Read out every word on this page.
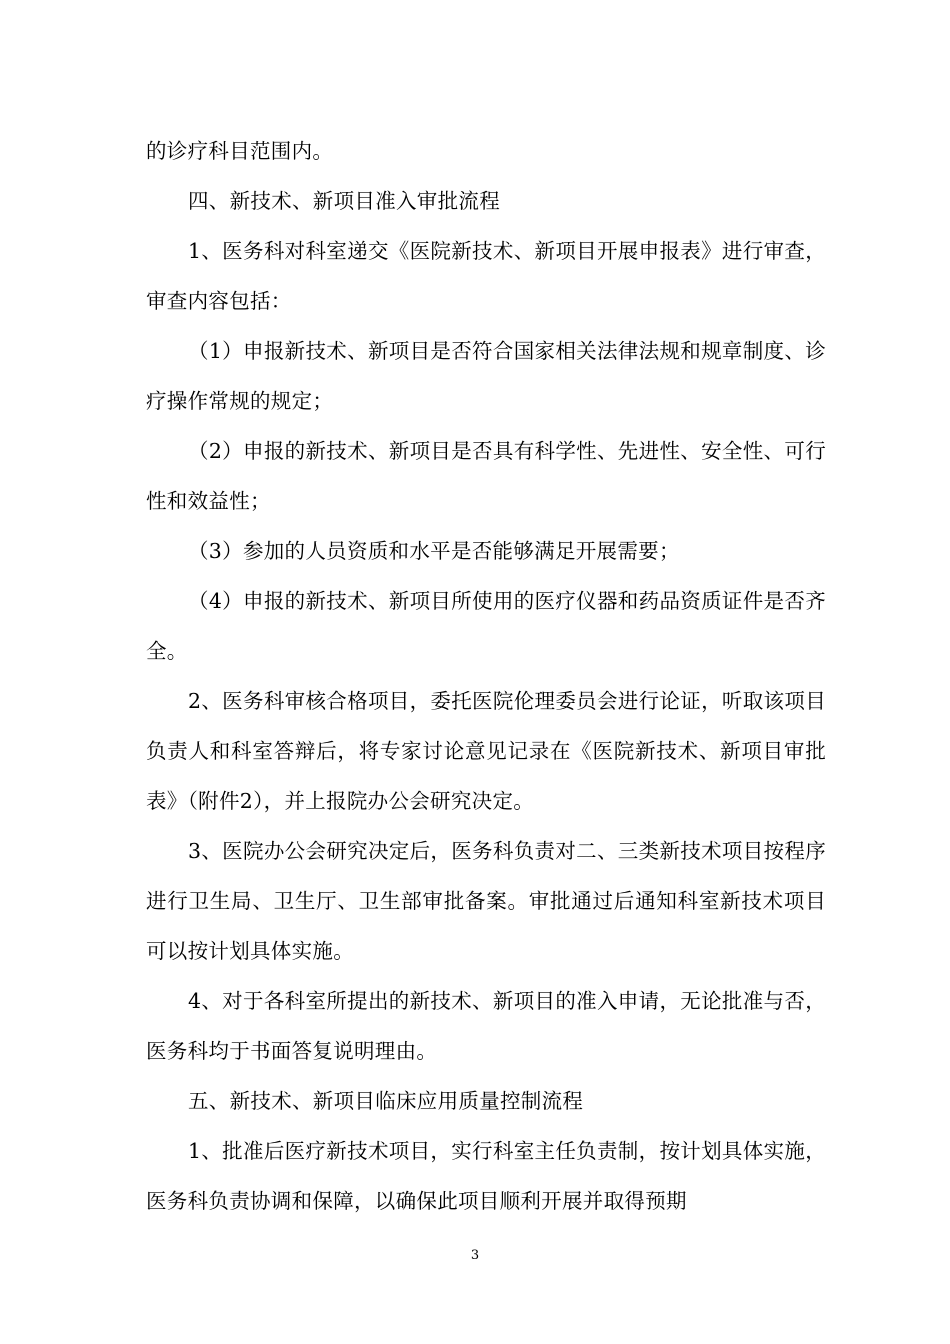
的诊疗科目范围内。

四、新技术、新项目准入审批流程

1、医务科对科室递交《医院新技术、新项目开展申报表》进行审查，审查内容包括：

（1）申报新技术、新项目是否符合国家相关法律法规和规章制度、诊疗操作常规的规定；

（2）申报的新技术、新项目是否具有科学性、先进性、安全性、可行性和效益性；

（3）参加的人员资质和水平是否能够满足开展需要；

（4）申报的新技术、新项目所使用的医疗仪器和药品资质证件是否齐全。

2、医务科审核合格项目，委托医院伦理委员会进行论证，听取该项目负责人和科室答辩后，将专家讨论意见记录在《医院新技术、新项目审批表》（附件2），并上报院办公会研究决定。

3、医院办公会研究决定后，医务科负责对二、三类新技术项目按程序进行卫生局、卫生厅、卫生部审批备案。审批通过后通知科室新技术项目可以按计划具体实施。

4、对于各科室所提出的新技术、新项目的准入申请，无论批准与否，医务科均于书面答复说明理由。

五、新技术、新项目临床应用质量控制流程

1、批准后医疗新技术项目，实行科室主任负责制，按计划具体实施，医务科负责协调和保障，以确保此项目顺利开展并取得预期

3
